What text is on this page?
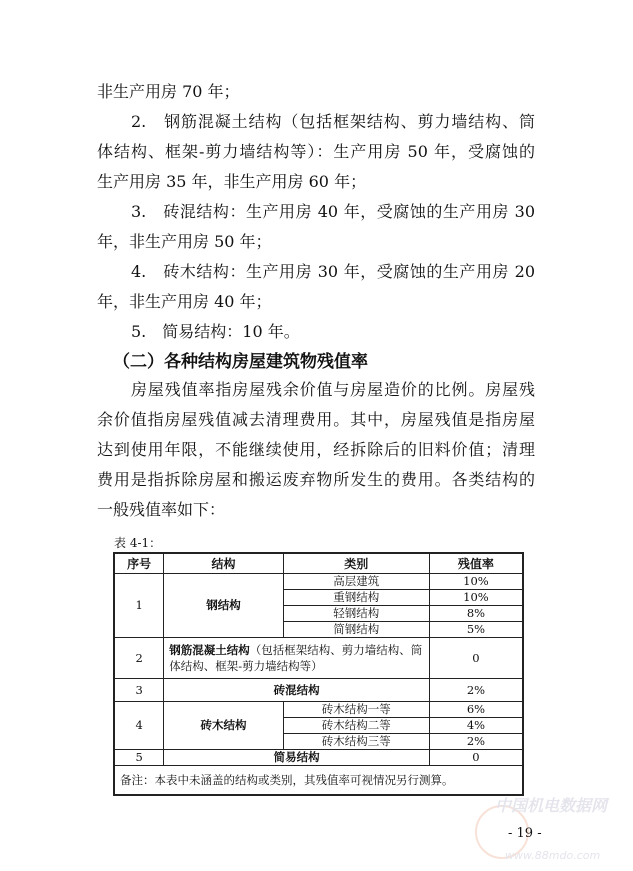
非生产用房 70 年；
2.　钢筋混凝土结构（包括框架结构、剪力墙结构、筒
体结构、框架-剪力墙结构等）：生产用房 50 年，受腐蚀的
生产用房 35 年，非生产用房 60 年；
3.　砖混结构：生产用房 40 年，受腐蚀的生产用房 30
年，非生产用房 50 年；
4.　砖木结构：生产用房 30 年，受腐蚀的生产用房 20
年，非生产用房 40 年；
5.　简易结构：10 年。
（二）各种结构房屋建筑物残值率
房屋残值率指房屋残余价值与房屋造价的比例。房屋残
余价值指房屋残值减去清理费用。其中，房屋残值是指房屋
达到使用年限，不能继续使用，经拆除后的旧料价值；清理
费用是指拆除房屋和搬运废弃物所发生的费用。各类结构的
一般残值率如下：
表 4-1：
序号	结构	类别	残值率
1	钢结构	高层建筑	10%
		重钢结构	10%
		轻钢结构	8%
		简钢结构	5%
2	钢筋混凝土结构（包括框架结构、剪力墙结构、筒体结构、框架-剪力墙结构等）		0
3	砖混结构		2%
4	砖木结构	砖木结构一等	6%
		砖木结构二等	4%
		砖木结构三等	2%
5	简易结构		0
备注：本表中未涵盖的结构或类别，其残值率可视情况另行测算。			
中国机电数据网
- 19 -
www.88mdo.com
